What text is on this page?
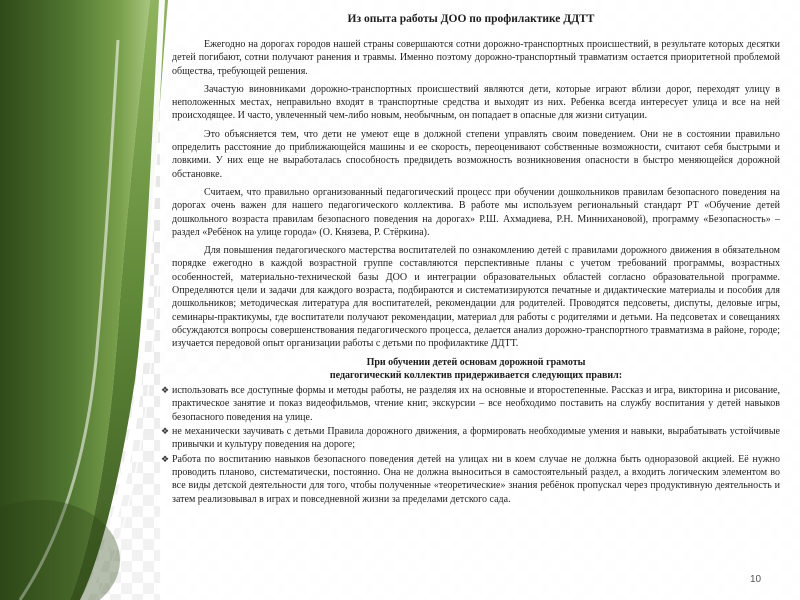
Из опыта работы ДОО по профилактике ДДТТ

Ежегодно на дорогах городов нашей страны совершаются сотни дорожно-транспортных происшествий, в результате которых десятки детей погибают, сотни получают ранения и травмы. Именно поэтому дорожно-транспортный травматизм остается приоритетной проблемой общества, требующей решения.

Зачастую виновниками дорожно-транспортных происшествий являются дети, которые играют вблизи дорог, переходят улицу в неположенных местах, неправильно входят в транспортные средства и выходят из них. Ребенка всегда интересует улица и все на ней происходящее. И часто, увлеченный чем-либо новым, необычным, он попадает в опасные для жизни ситуации.

Это объясняется тем, что дети не умеют еще в должной степени управлять своим поведением. Они не в состоянии правильно определить расстояние до приближающейся машины и ее скорость, переоценивают собственные возможности, считают себя быстрыми и ловкими. У них еще не выработалась способность предвидеть возможность возникновения опасности в быстро меняющейся дорожной обстановке.

Считаем, что правильно организованный педагогический процесс при обучении дошкольников правилам безопасного поведения на дорогах очень важен для нашего педагогического коллектива. В работе мы используем региональный стандарт РТ «Обучение детей дошкольного возраста правилам безопасного поведения на дорогах» Р.Ш. Ахмадиева, Р.Н. Миннихановой), программу «Безопасность» – раздел «Ребёнок на улице города» (О. Князева, Р. Стёркина).

Для повышения педагогического мастерства воспитателей по ознакомлению детей с правилами дорожного движения в обязательном порядке ежегодно в каждой возрастной группе составляются перспективные планы с учетом требований программы, возрастных особенностей, материально-технической базы ДОО и интеграции образовательных областей согласно образовательной программе. Определяются цели и задачи для каждого возраста, подбираются и систематизируются печатные и дидактические материалы и пособия для дошкольников; методическая литература для воспитателей, рекомендации для родителей. Проводятся педсоветы, диспуты, деловые игры, семинары-практикумы, где воспитатели получают рекомендации, материал для работы с родителями и детьми. На педсоветах и совещаниях обсуждаются вопросы совершенствования педагогического процесса, делается анализ дорожно-транспортного травматизма в районе, городе; изучается передовой опыт организации работы с детьми по профилактике ДДТТ.

При обучении детей основам дорожной грамоты
педагогический коллектив придерживается следующих правил:
❖ использовать все доступные формы и методы работы, не разделяя их на основные и второстепенные. Рассказ и игра, викторина и рисование, практическое занятие и показ видеофильмов, чтение книг, экскурсии – все необходимо поставить на службу воспитания у детей навыков безопасного поведения на улице.
❖ не механически заучивать с детьми Правила дорожного движения, а формировать необходимые умения и навыки, вырабатывать устойчивые привычки и культуру поведения на дороге;
❖ Работа по воспитанию навыков безопасного поведения детей на улицах ни в коем случае не должна быть одноразовой акцией. Её нужно проводить планово, систематически, постоянно. Она не должна выноситься в самостоятельный раздел, а входить логическим элементом во все виды детской деятельности для того, чтобы полученные «теоретические» знания ребёнок пропускал через продуктивную деятельность и затем реализовывал в играх и повседневной жизни за пределами детского сада.
10
